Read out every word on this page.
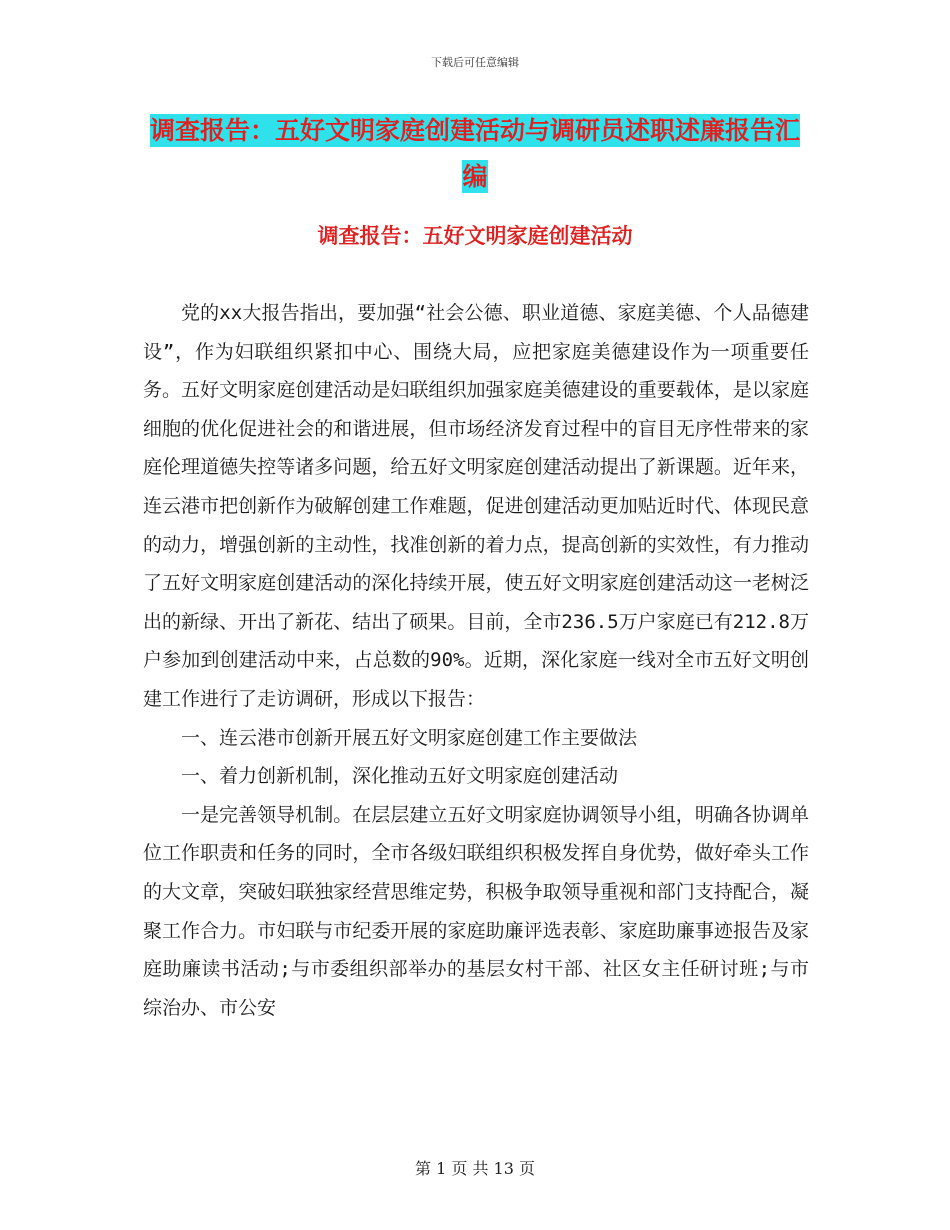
下载后可任意编辑
调查报告：五好文明家庭创建活动与调研员述职述廉报告汇编
调查报告：五好文明家庭创建活动

党的xx大报告指出，要加强“社会公德、职业道德、家庭美德、个人品德建设”，作为妇联组织紧扣中心、围绕大局，应把家庭美德建设作为一项重要任务。五好文明家庭创建活动是妇联组织加强家庭美德建设的重要载体，是以家庭细胞的优化促进社会的和谐进展，但市场经济发育过程中的盲目无序性带来的家庭伦理道德失控等诸多问题，给五好文明家庭创建活动提出了新课题。近年来，连云港市把创新作为破解创建工作难题，促进创建活动更加贴近时代、体现民意的动力，增强创新的主动性，找准创新的着力点，提高创新的实效性，有力推动了五好文明家庭创建活动的深化持续开展，使五好文明家庭创建活动这一老树泛出的新绿、开出了新花、结出了硕果。目前，全市236.5万户家庭已有212.8万户参加到创建活动中来，占总数的90%。近期，深化家庭一线对全市五好文明创建工作进行了走访调研，形成以下报告：

一、连云港市创新开展五好文明家庭创建工作主要做法

一、着力创新机制，深化推动五好文明家庭创建活动

一是完善领导机制。在层层建立五好文明家庭协调领导小组，明确各协调单位工作职责和任务的同时，全市各级妇联组织积极发挥自身优势，做好牵头工作的大文章，突破妇联独家经营思维定势，积极争取领导重视和部门支持配合，凝聚工作合力。市妇联与市纪委开展的家庭助廉评选表彰、家庭助廉事迹报告及家庭助廉读书活动;与市委组织部举办的基层女村干部、社区女主任研讨班;与市综治办、市公安

第 1 页 共 13 页
